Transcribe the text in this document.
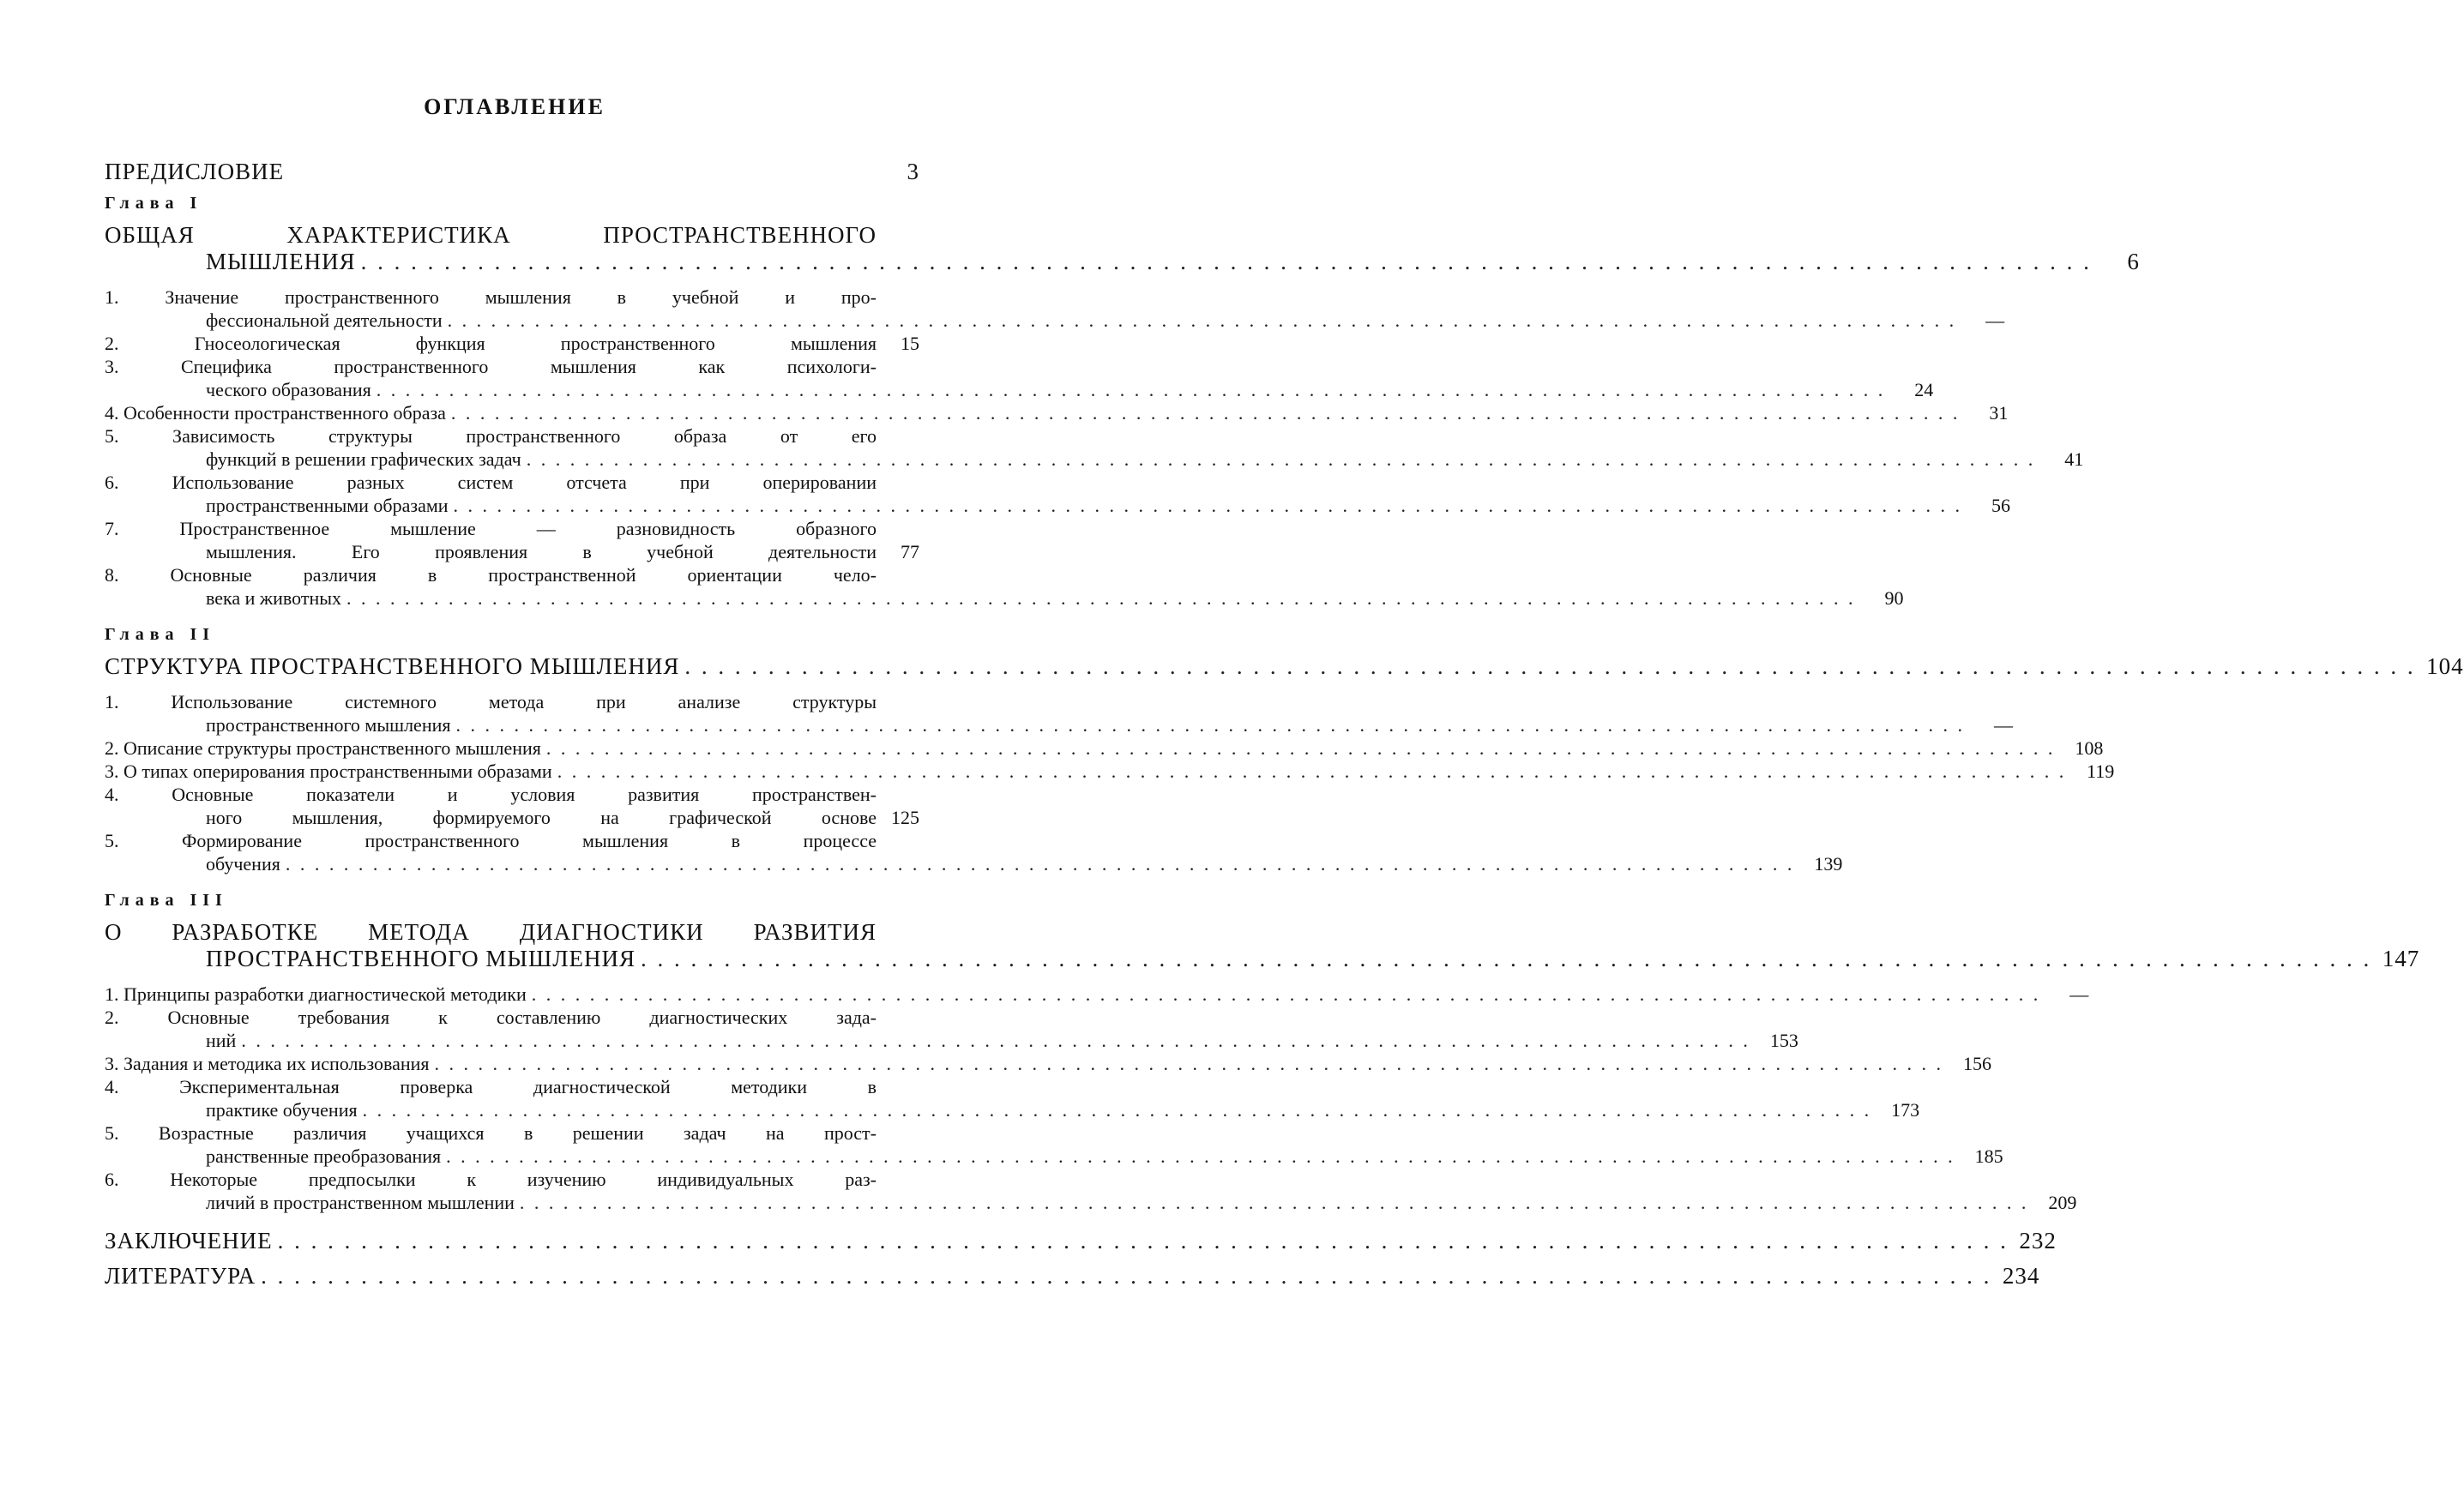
ОГЛАВЛЕНИЕ
ПРЕДИСЛОВИЕ	3
Глава I
ОБЩАЯ ХАРАКТЕРИСТИКА ПРОСТРАНСТВЕННОГО
МЫШЛЕНИЯ . . .	6
1. Значение пространственного мышления в учебной и про-
фессиональной деятельности . . .	—
2. Гносеологическая функция пространственного мышления	15
3. Специфика пространственного мышления как психологи-
ческого образования . . .	24
4. Особенности пространственного образа . . .	31
5. Зависимость структуры пространственного образа от его
функций в решении графических задач . . .	41
6. Использование разных систем отсчета при оперировании
пространственными образами . . .	56
7. Пространственное мышление — разновидность образного
мышления. Его проявления в учебной деятельности	77
8. Основные различия в пространственной ориентации чело-
века и животных . . .	90
Глава II
СТРУКТУРА ПРОСТРАНСТВЕННОГО МЫШЛЕНИЯ . . .	104
1. Использование системного метода при анализе структуры
пространственного мышления . . .	—
2. Описание структуры пространственного мышления . . .	108
3. О типах оперирования пространственными образами . . .	119
4. Основные показатели и условия развития пространствен-
ного мышления, формируемого на графической основе 125
5. Формирование пространственного мышления в процессе
обучения . . .	139
Глава III
О РАЗРАБОТКЕ МЕТОДА ДИАГНОСТИКИ РАЗВИТИЯ
ПРОСТРАНСТВЕННОГО МЫШЛЕНИЯ . . .	147
1. Принципы разработки диагностической методики . . .	—
2. Основные требования к составлению диагностических зада-
ний . . .	153
3. Задания и методика их использования . . .	156
4. Экспериментальная проверка диагностической методики в
практике обучения . . .	173
5. Возрастные различия учащихся в решении задач на прост-
ранственные преобразования . . .	185
6. Некоторые предпосылки к изучению индивидуальных раз-
личий в пространственном мышлении . . .	209
ЗАКЛЮЧЕНИЕ . . .	232
ЛИТЕРАТУРА . . .	234
